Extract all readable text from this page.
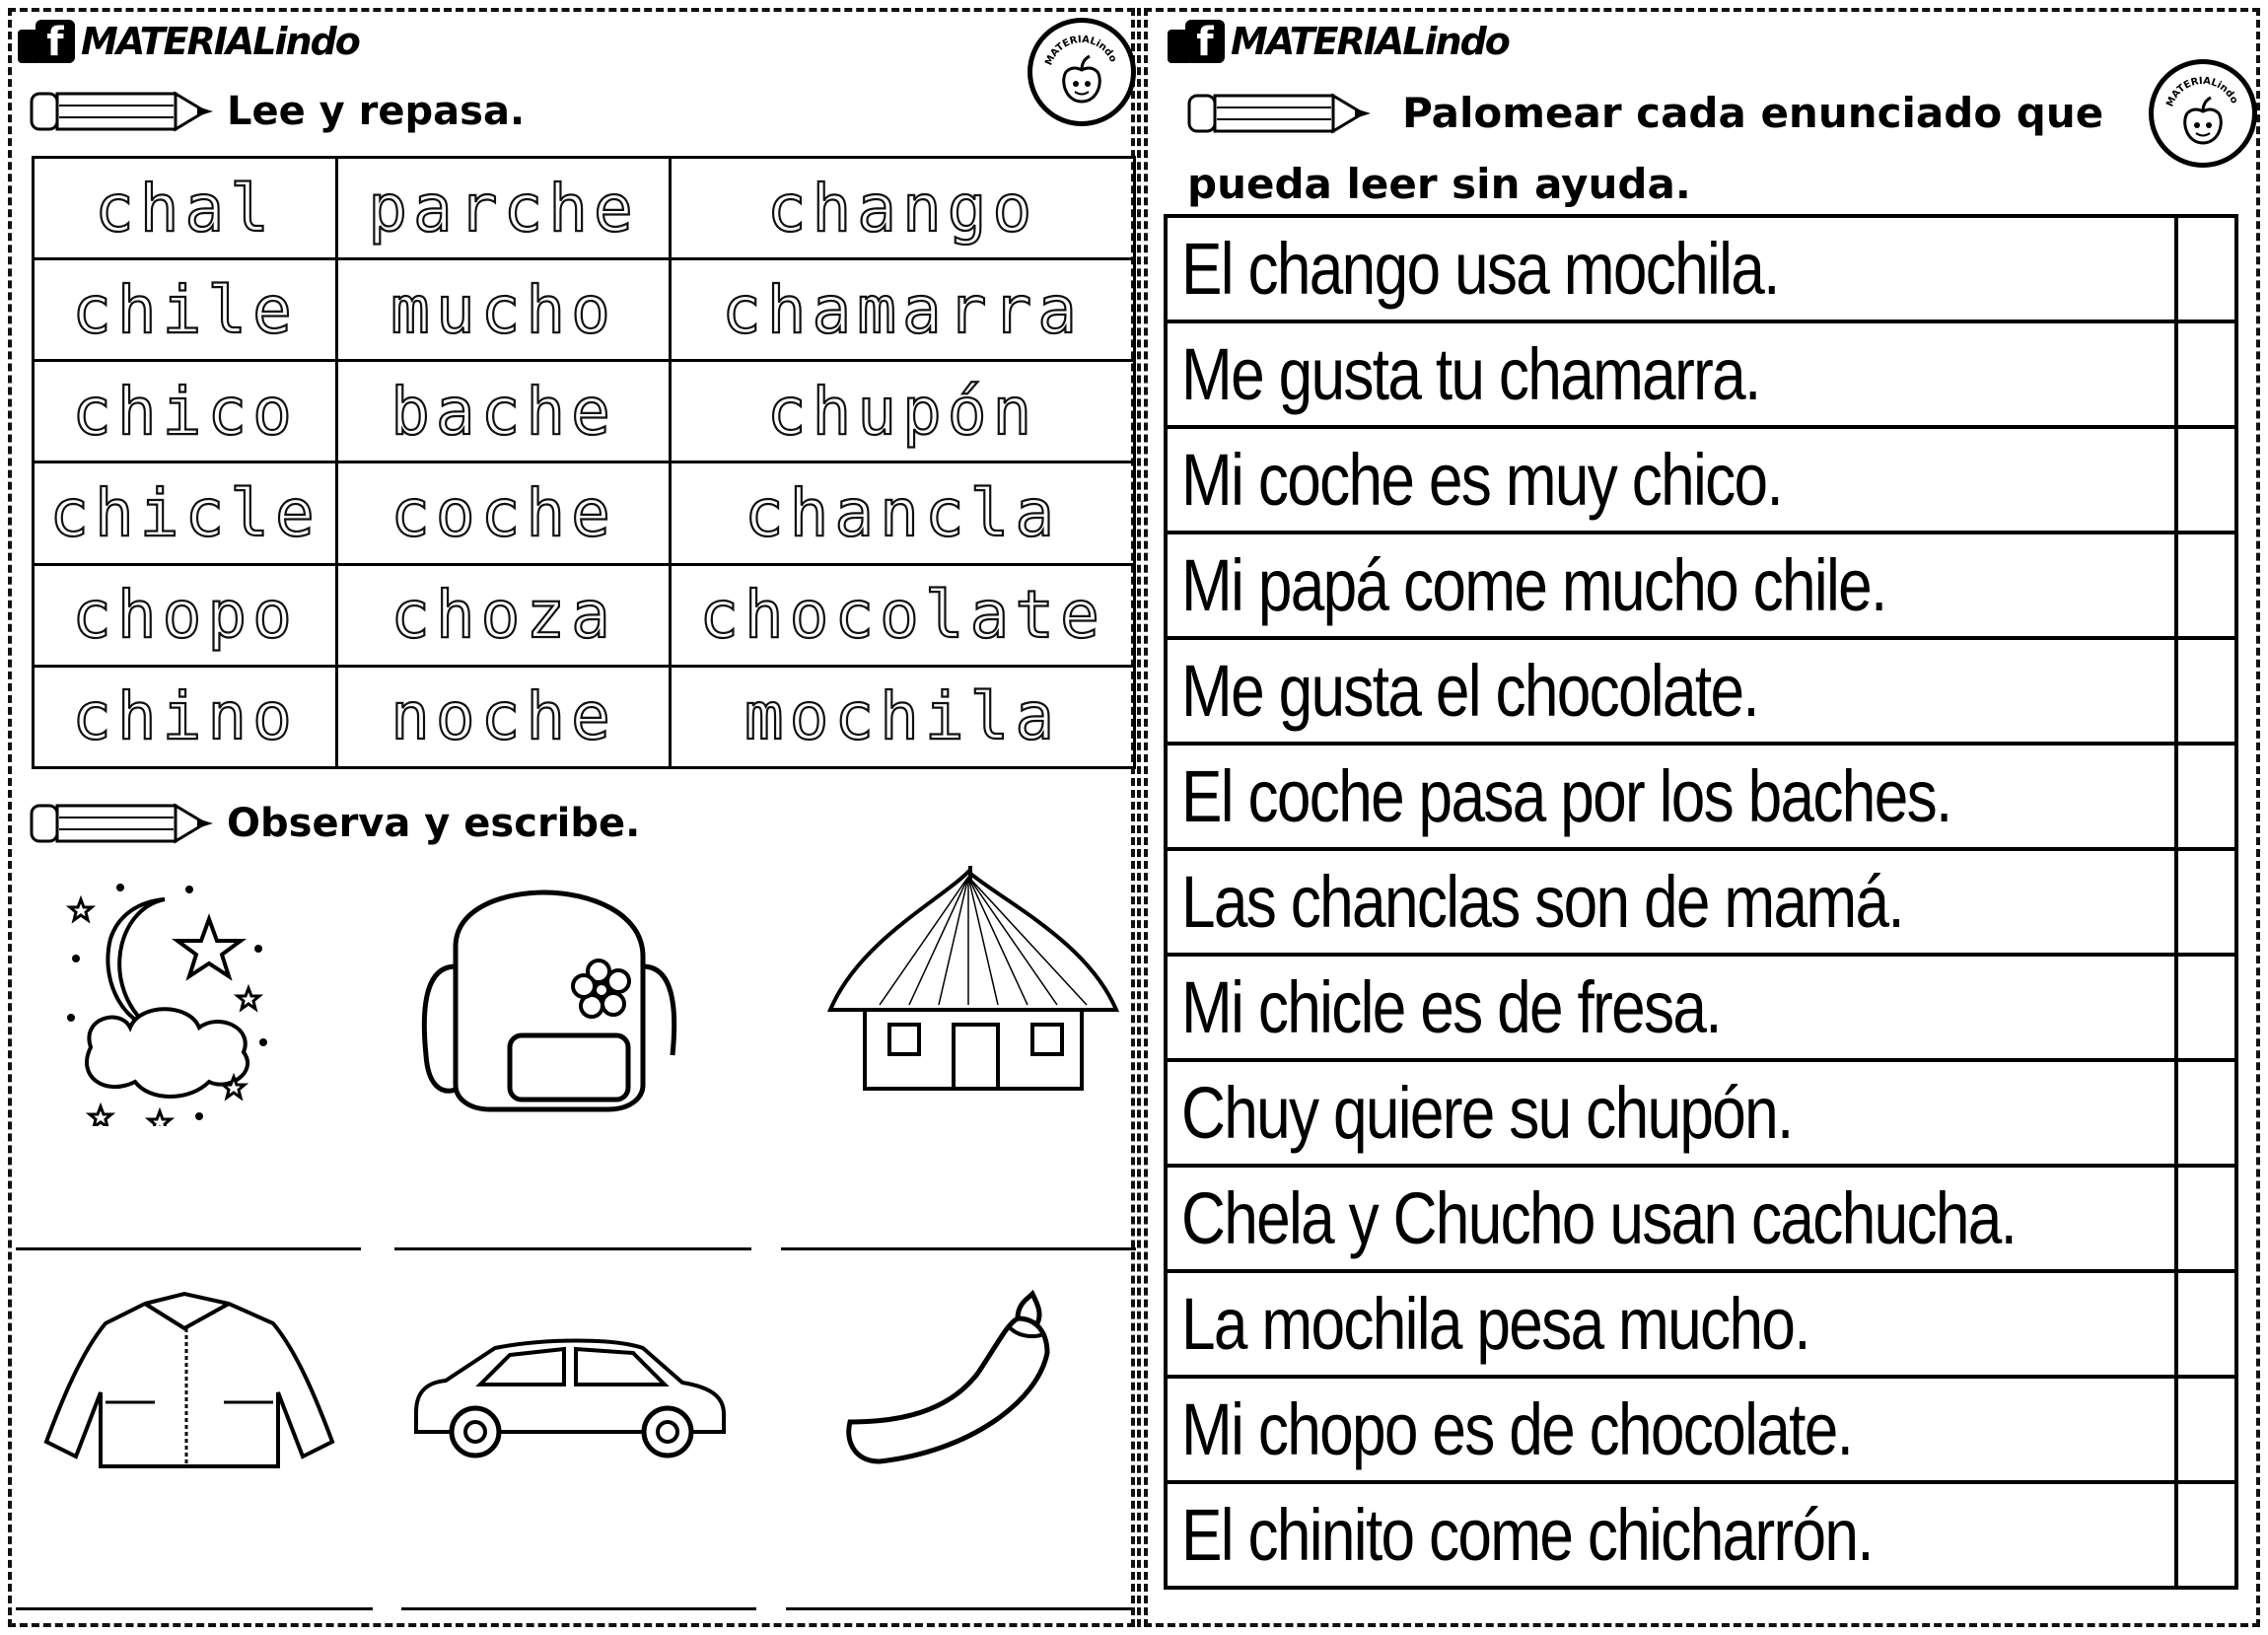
f MATERIALindo	MATERIALindo
Lee y repasa.
chal	parche	chango
chile	mucho	chamarra
chico	bache	chupón
chicle	coche	chancla
chopo	choza	chocolate
chino	noche	mochila
Observa y escribe.
f MATERIALindo
MATERIALindo
Palomear cada enunciado que
pueda leer sin ayuda.
El chango usa mochila.	
Me gusta tu chamarra.	
Mi coche es muy chico.	
Mi papá come mucho chile.	
Me gusta el chocolate.	
El coche pasa por los baches.	
Las chanclas son de mamá.	
Mi chicle es de fresa.	
Chuy quiere su chupón.	
Chela y Chucho usan cachucha.	
La mochila pesa mucho.	
Mi chopo es de chocolate.	
El chinito come chicharrón.	
